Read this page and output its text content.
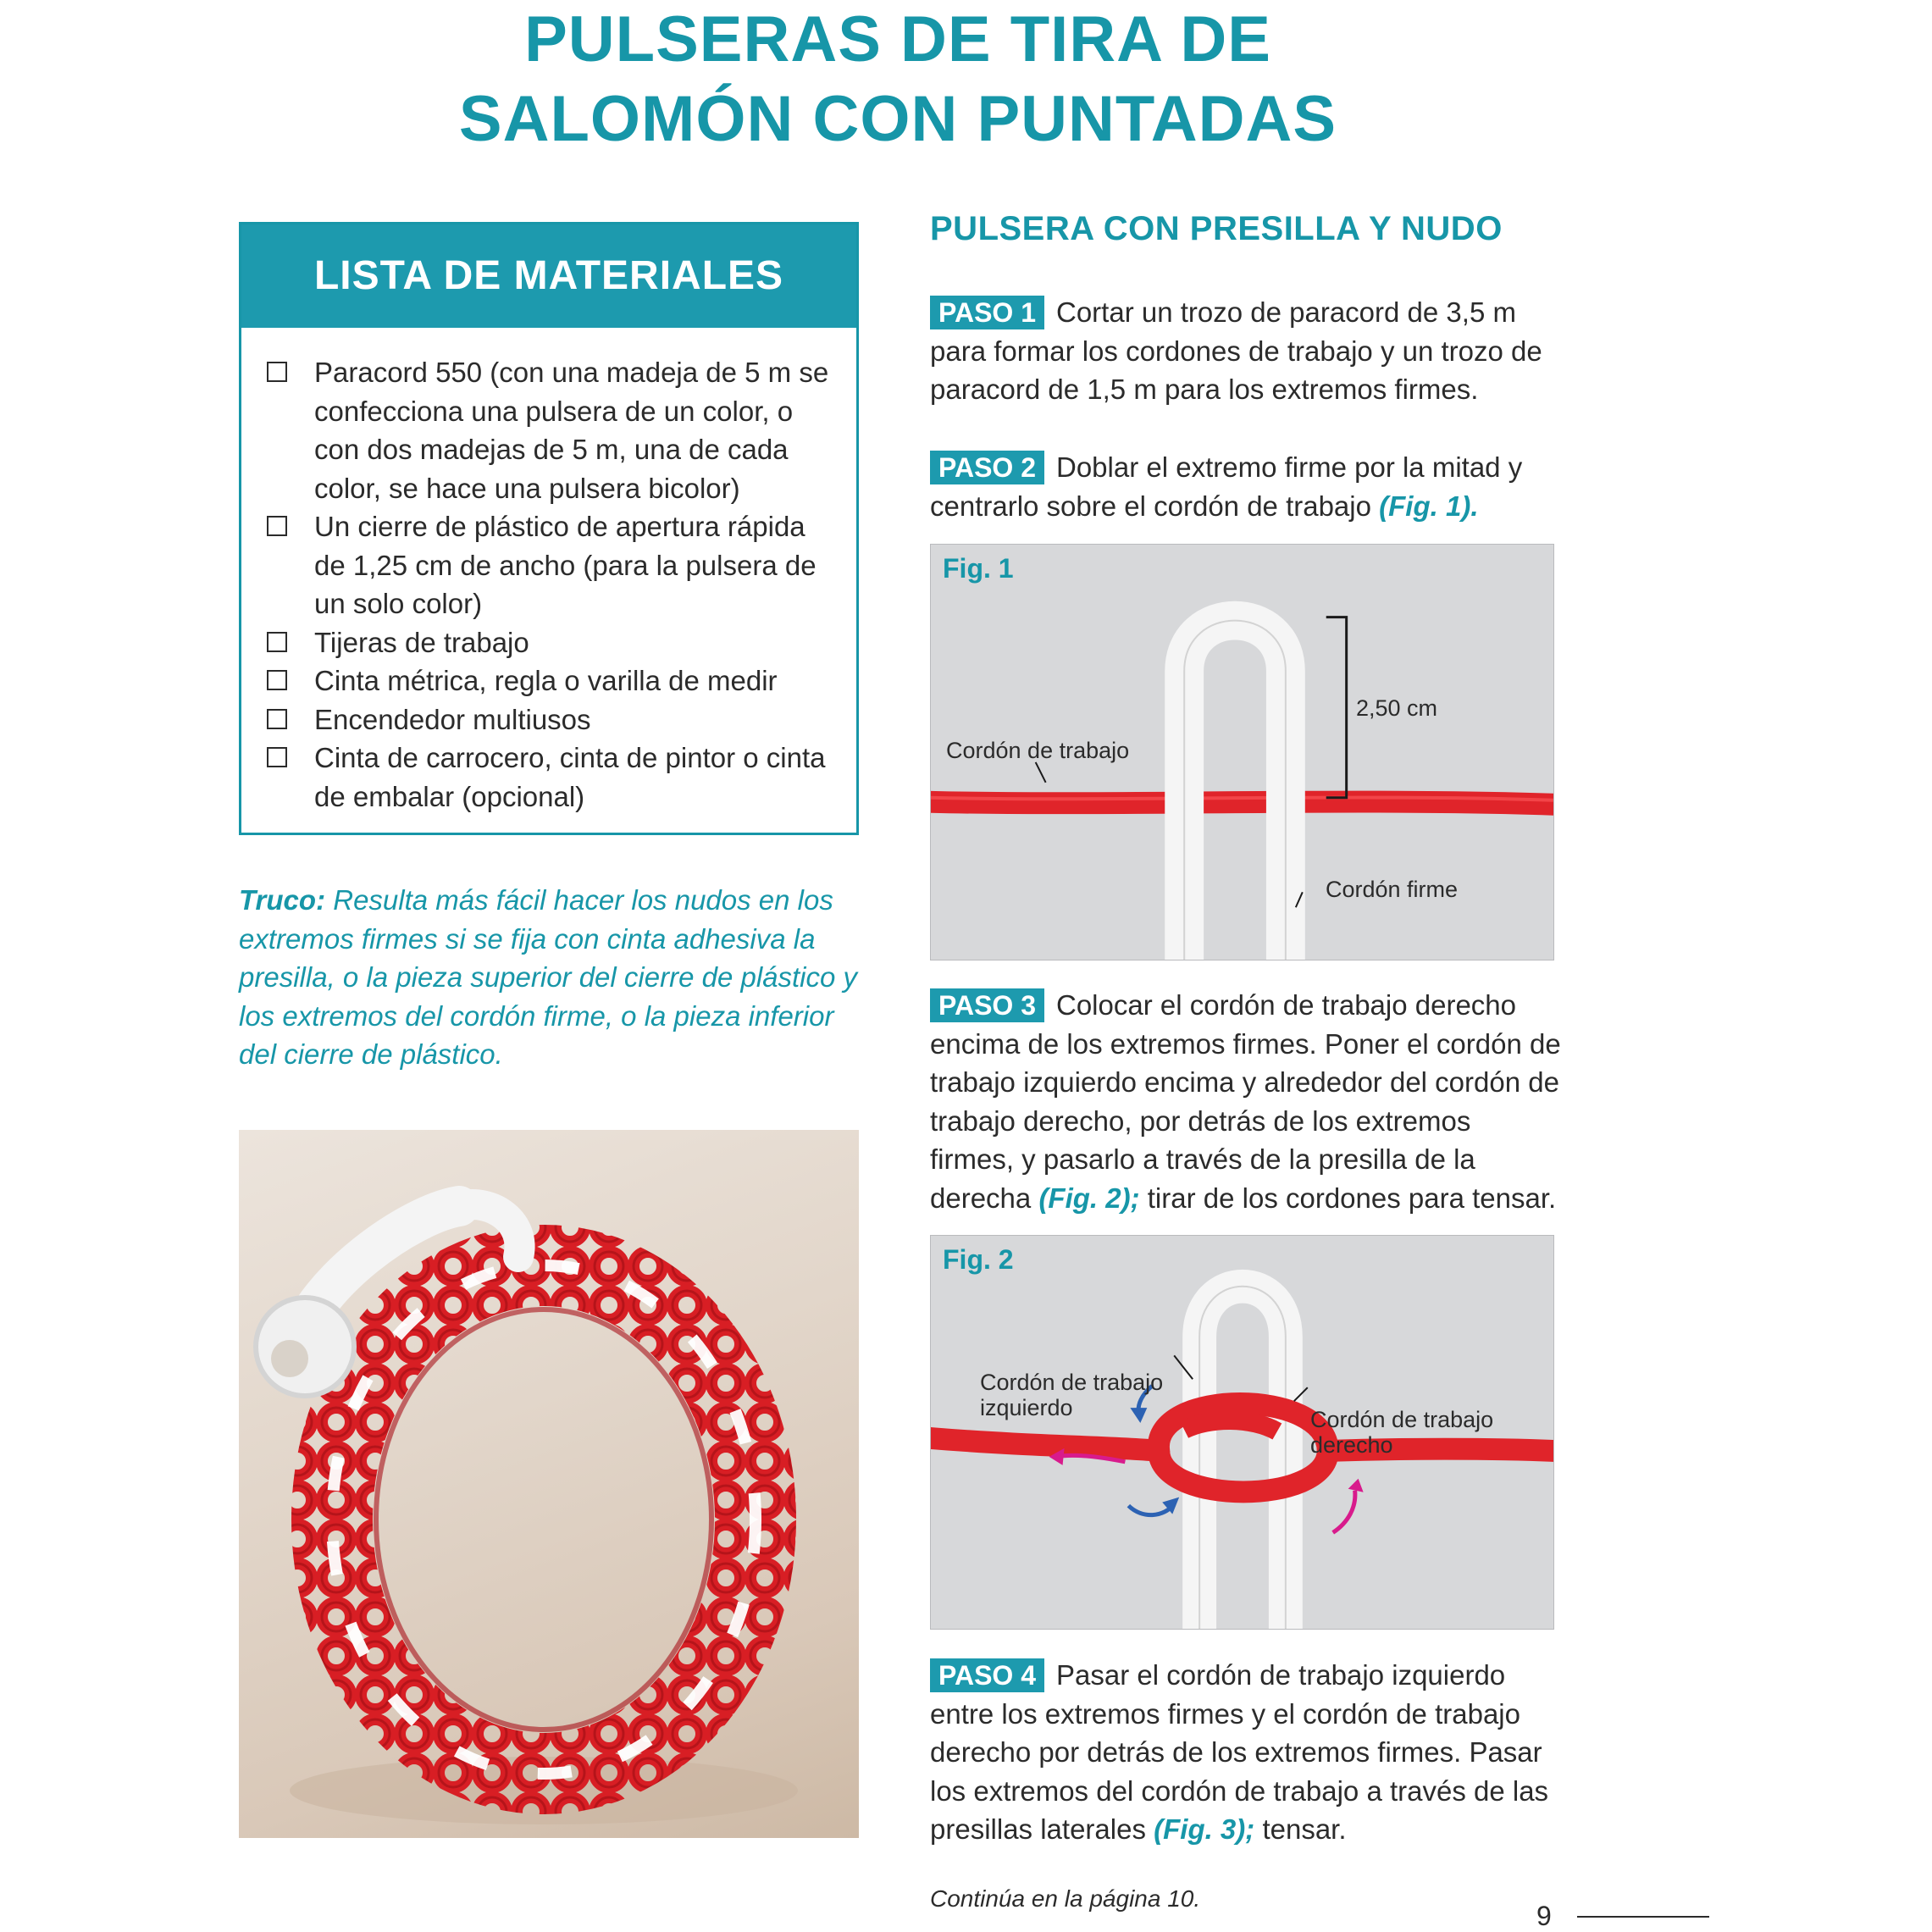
PULSERAS DE TIRA DE
SALOMÓN CON PUNTADAS
LISTA DE MATERIALES
Paracord 550 (con una madeja de 5 m se confecciona una pulsera de un color, o con dos madejas de 5 m, una de cada color, se hace una pulsera bicolor)
Un cierre de plástico de apertura rápida de 1,25 cm de ancho (para la pulsera de un solo color)
Tijeras de trabajo
Cinta métrica, regla o varilla de medir
Encendedor multiusos
Cinta de carrocero, cinta de pintor o cinta de embalar (opcional)

Truco: Resulta más fácil hacer los nudos en los extremos firmes si se fija con cinta adhesiva la presilla, o la pieza superior del cierre de plástico y los extremos del cordón firme, o la pieza inferior del cierre de plástico.

PULSERA CON PRESILLA Y NUDO

PASO 1 Cortar un trozo de paracord de 3,5 m para formar los cordones de trabajo y un trozo de paracord de 1,5 m para los extremos firmes.

PASO 2 Doblar el extremo firme por la mitad y centrarlo sobre el cordón de trabajo (Fig. 1).

Fig. 1
2,50 cm
Cordón de trabajo
Cordón firme

PASO 3 Colocar el cordón de trabajo derecho encima de los extremos firmes. Poner el cordón de trabajo izquierdo encima y alrededor del cordón de trabajo derecho, por detrás de los extremos firmes, y pasarlo a través de la presilla de la derecha (Fig. 2); tirar de los cordones para tensar.

Fig. 2
Cordón de trabajo izquierdo	Cordón de trabajo derecho

PASO 4 Pasar el cordón de trabajo izquierdo entre los extremos firmes y el cordón de trabajo derecho por detrás de los extremos firmes. Pasar los extremos del cordón de trabajo a través de las presillas laterales (Fig. 3); tensar.

Continúa en la página 10.

9
